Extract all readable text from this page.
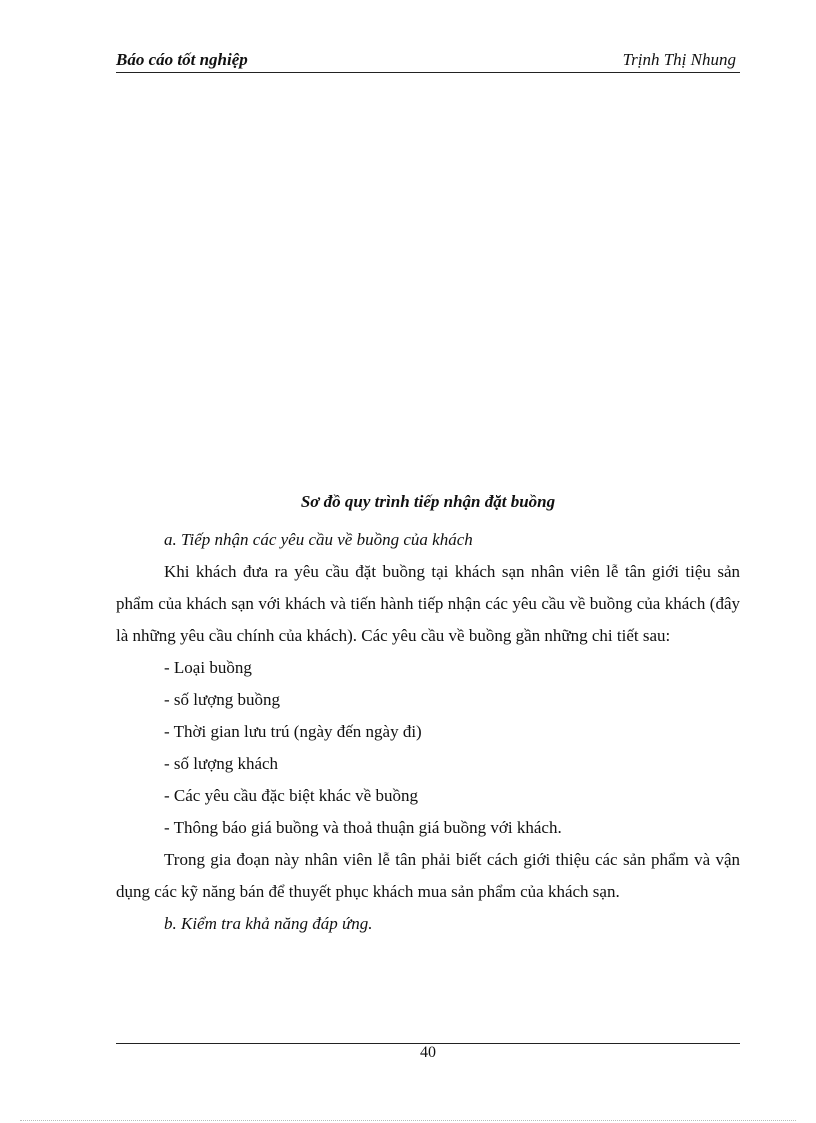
Báo cáo tốt nghiệp	Trịnh Thị Nhung
Sơ đồ quy trình tiếp nhận đặt buồng

a. Tiếp nhận các yêu cầu về buồng của khách

Khi khách đưa ra yêu cầu đặt buồng tại khách sạn nhân viên lễ tân giới tiệu sản phẩm của khách sạn với khách và tiến hành tiếp nhận các yêu cầu về buồng của khách (đây là những yêu cầu chính của khách). Các yêu cầu về buồng gần những chi tiết sau:

- Loại buồng

- số lượng buồng

- Thời gian lưu trú (ngày đến ngày đi)

- số lượng khách

- Các yêu cầu đặc biệt khác về buồng

- Thông báo giá buồng và thoả thuận giá buồng với khách.

Trong gia đoạn này nhân viên lễ tân phải biết cách giới thiệu các sản phẩm và vận dụng các kỹ năng bán để thuyết phục khách mua sản phẩm của khách sạn.

b. Kiểm tra khả năng đáp ứng.

40
